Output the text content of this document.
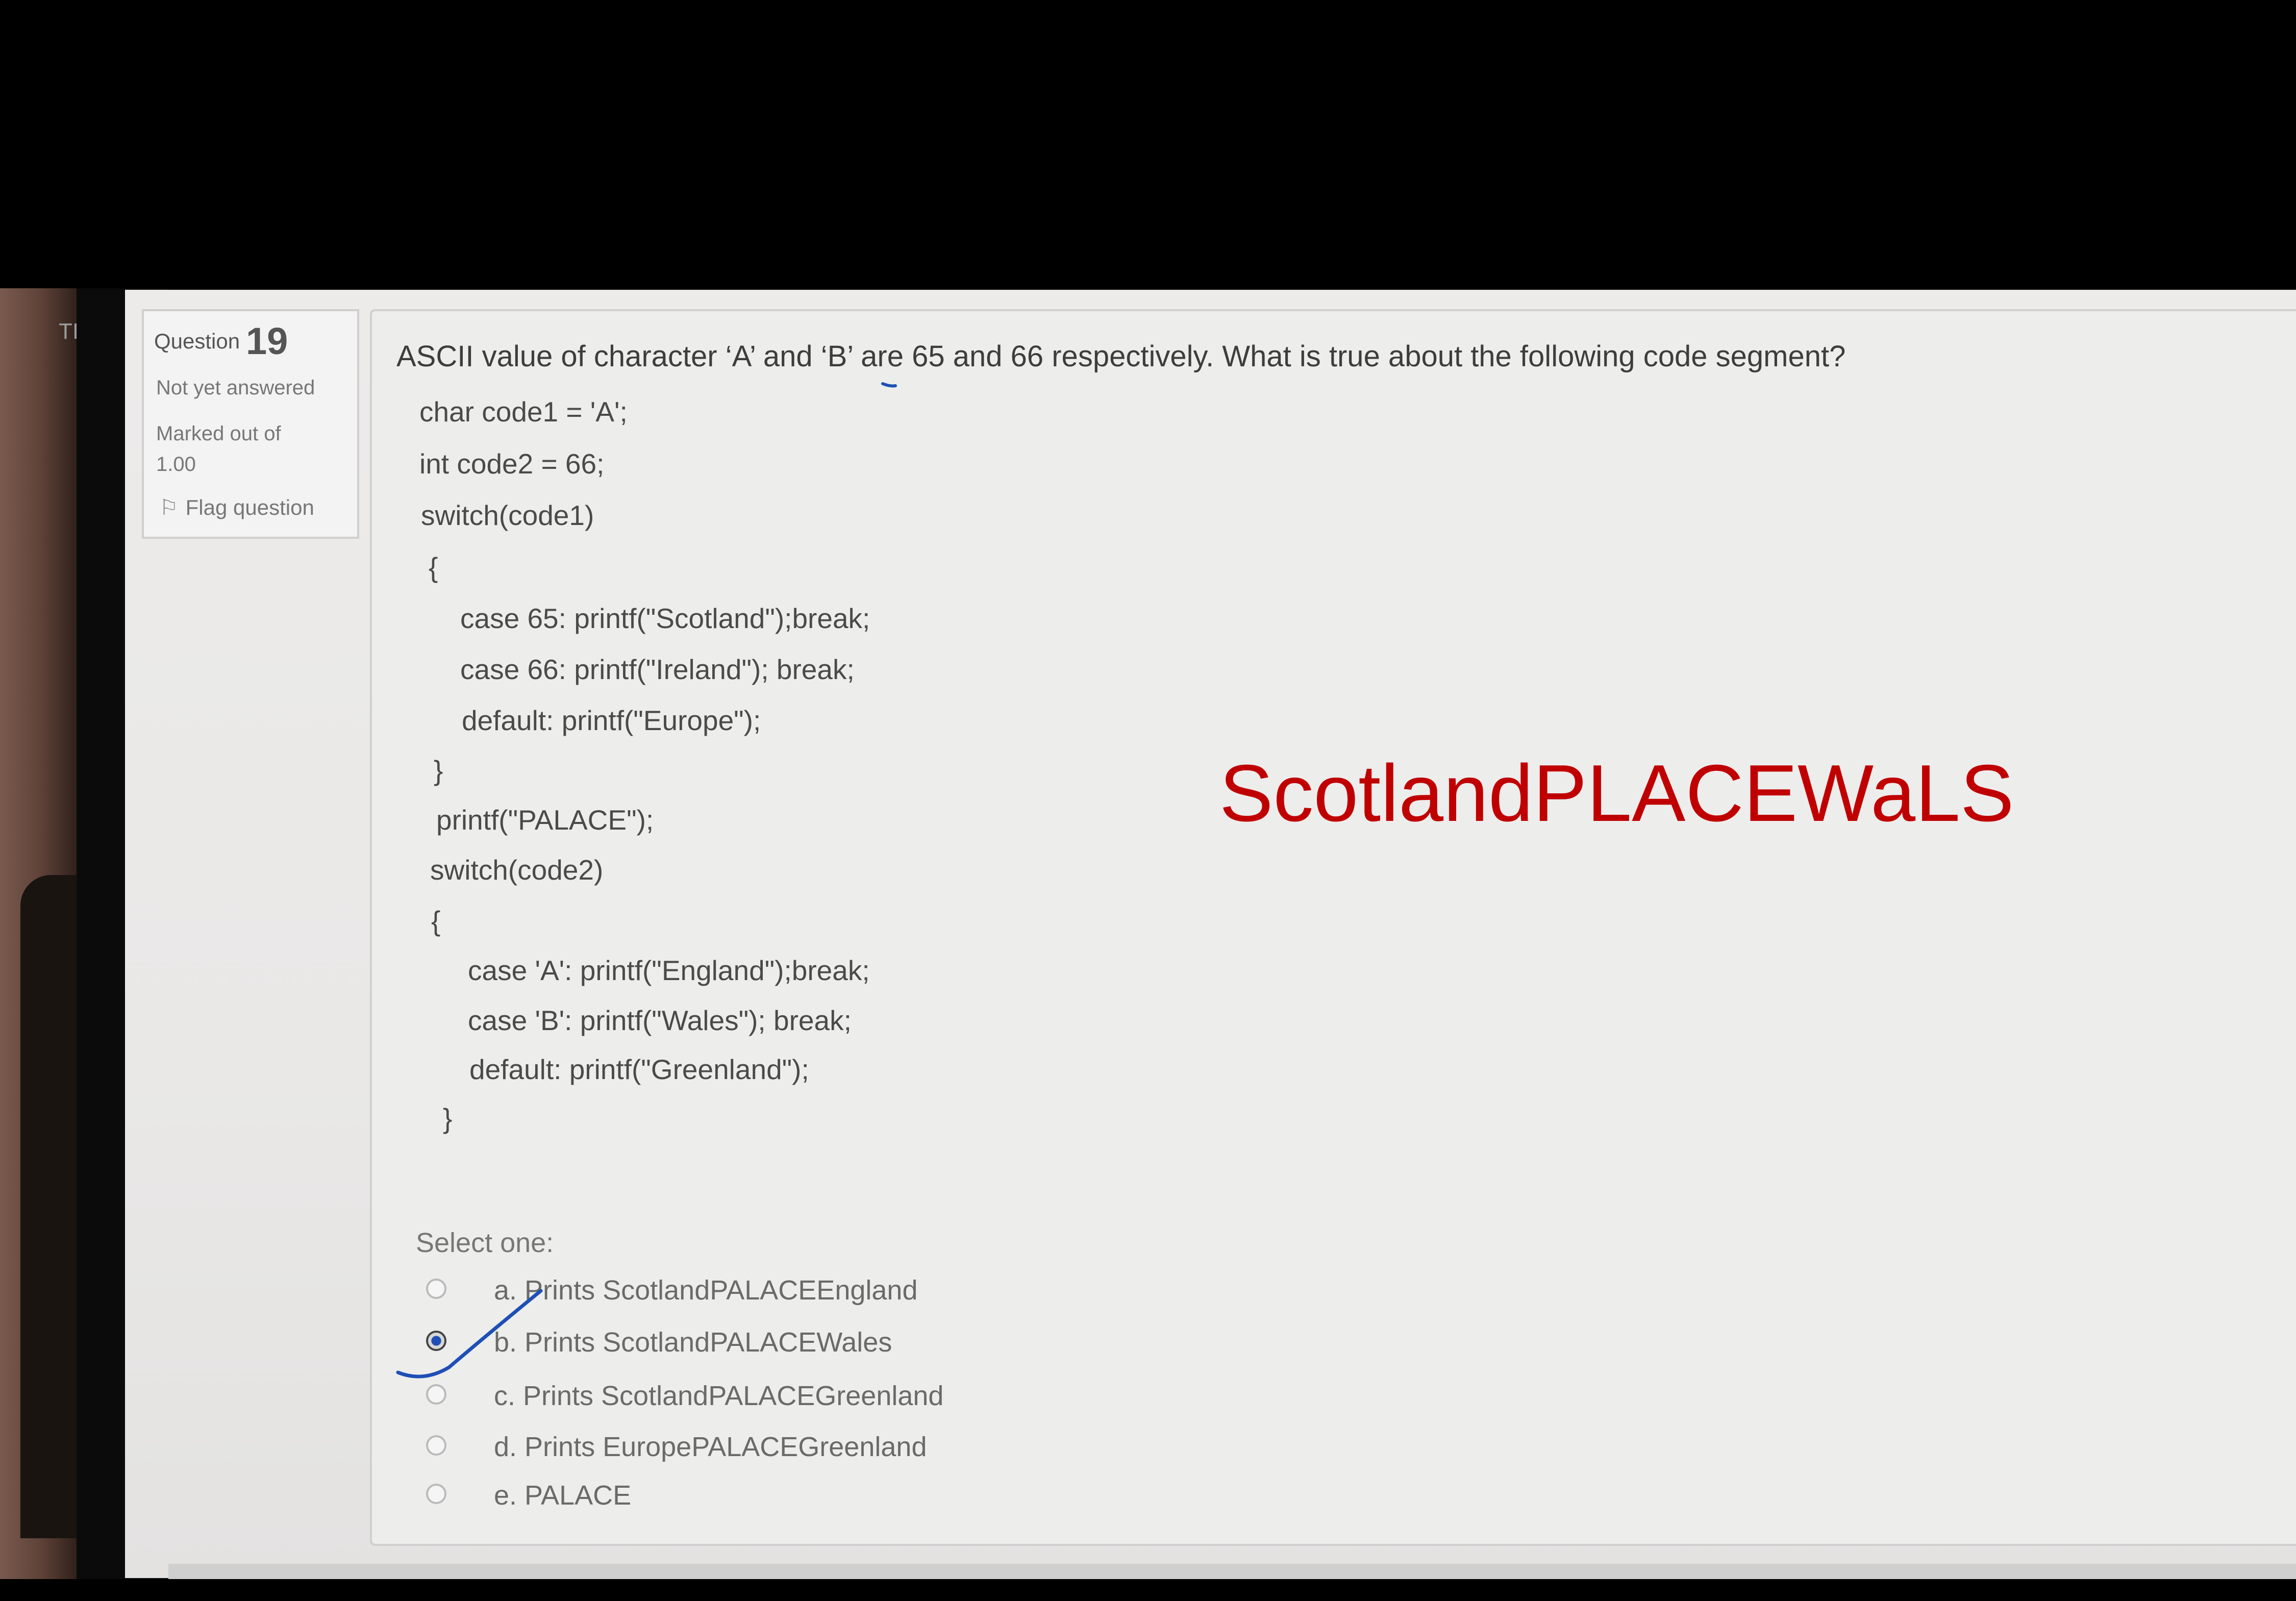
TI	Question 19
Not yet answered
Marked out of
1.00
⚐ Flag question
ASCII value of character ‘A’ and ‘B’ are 65 and 66 respectively. What is true about the following code segment?
char code1 = 'A';
int code2 = 66;
switch(code1)
{
case 65: printf("Scotland");break;
case 66: printf("Ireland"); break;
default: printf("Europe");
}
printf("PALACE");
switch(code2)
{
case 'A': printf("England");break;
case 'B': printf("Wales"); break;
default: printf("Greenland");
}
ScotlandPLACEWaLS
Select one:
a. Prints ScotlandPALACEEngland
b. Prints ScotlandPALACEWales
c. Prints ScotlandPALACEGreenland
d. Prints EuropePALACEGreenland
e. PALACE
